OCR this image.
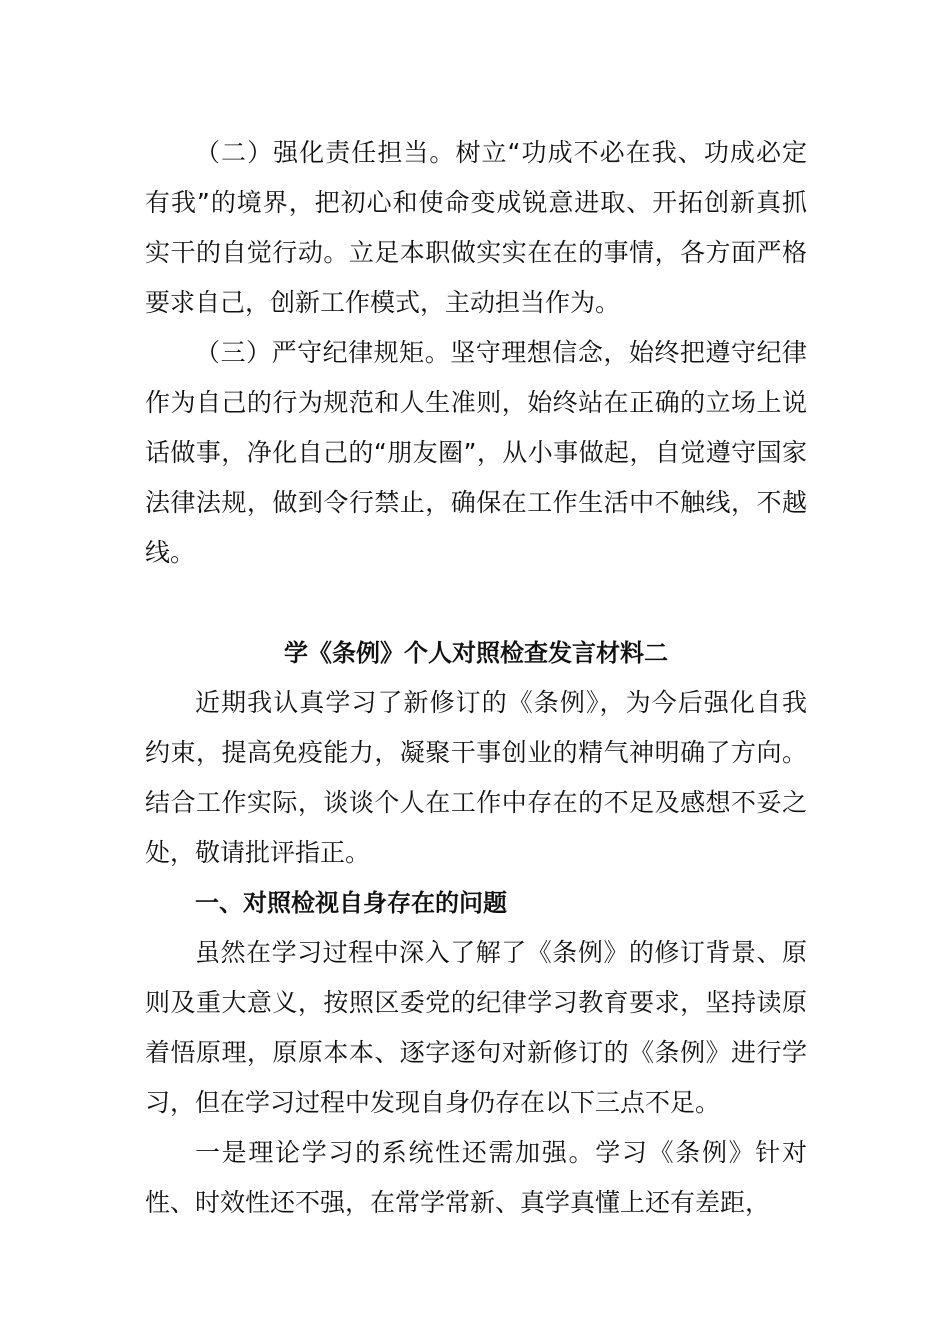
（二）强化责任担当。树立“功成不必在我、功成必定有我”的境界，把初心和使命变成锐意进取、开拓创新真抓实干的自觉行动。立足本职做实实在在的事情，各方面严格要求自己，创新工作模式，主动担当作为。

（三）严守纪律规矩。坚守理想信念，始终把遵守纪律作为自己的行为规范和人生准则，始终站在正确的立场上说话做事，净化自己的“朋友圈”，从小事做起，自觉遵守国家法律法规，做到令行禁止，确保在工作生活中不触线，不越线。

学《条例》个人对照检查发言材料二

近期我认真学习了新修订的《条例》，为今后强化自我约束，提高免疫能力，凝聚干事创业的精气神明确了方向。结合工作实际，谈谈个人在工作中存在的不足及感想不妥之处，敬请批评指正。

一、对照检视自身存在的问题

虽然在学习过程中深入了解了《条例》的修订背景、原则及重大意义，按照区委党的纪律学习教育要求，坚持读原着悟原理，原原本本、逐字逐句对新修订的《条例》进行学习，但在学习过程中发现自身仍存在以下三点不足。

一是理论学习的系统性还需加强。学习《条例》针对性、时效性还不强，在常学常新、真学真懂上还有差距，
